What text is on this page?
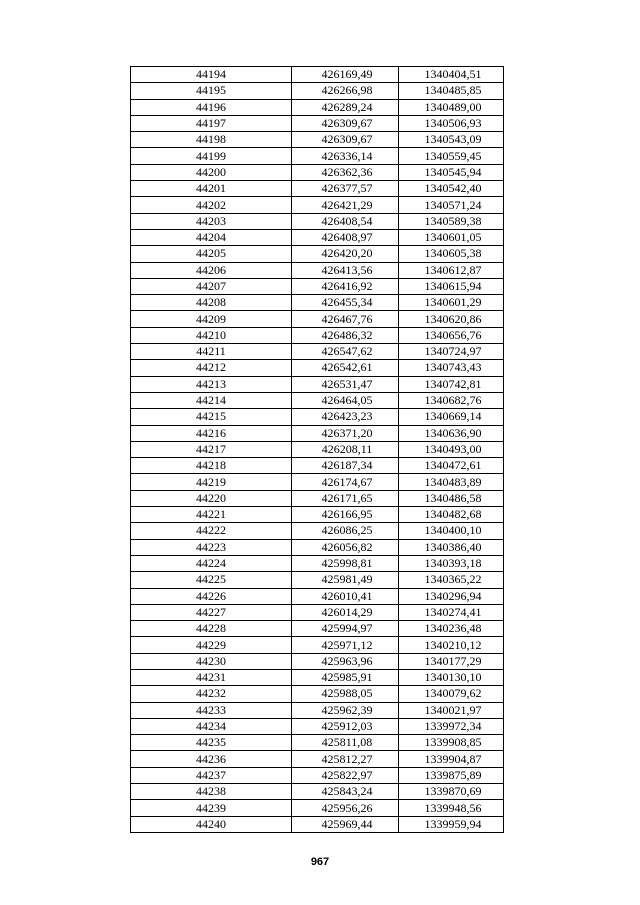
44194	426169,49	1340404,51
44195	426266,98	1340485,85
44196	426289,24	1340489,00
44197	426309,67	1340506,93
44198	426309,67	1340543,09
44199	426336,14	1340559,45
44200	426362,36	1340545,94
44201	426377,57	1340542,40
44202	426421,29	1340571,24
44203	426408,54	1340589,38
44204	426408,97	1340601,05
44205	426420,20	1340605,38
44206	426413,56	1340612,87
44207	426416,92	1340615,94
44208	426455,34	1340601,29
44209	426467,76	1340620,86
44210	426486,32	1340656,76
44211	426547,62	1340724,97
44212	426542,61	1340743,43
44213	426531,47	1340742,81
44214	426464,05	1340682,76
44215	426423,23	1340669,14
44216	426371,20	1340636,90
44217	426208,11	1340493,00
44218	426187,34	1340472,61
44219	426174,67	1340483,89
44220	426171,65	1340486,58
44221	426166,95	1340482,68
44222	426086,25	1340400,10
44223	426056,82	1340386,40
44224	425998,81	1340393,18
44225	425981,49	1340365,22
44226	426010,41	1340296,94
44227	426014,29	1340274,41
44228	425994,97	1340236,48
44229	425971,12	1340210,12
44230	425963,96	1340177,29
44231	425985,91	1340130,10
44232	425988,05	1340079,62
44233	425962,39	1340021,97
44234	425912,03	1339972,34
44235	425811,08	1339908,85
44236	425812,27	1339904,87
44237	425822,97	1339875,89
44238	425843,24	1339870,69
44239	425956,26	1339948,56
44240	425969,44	1339959,94
967
